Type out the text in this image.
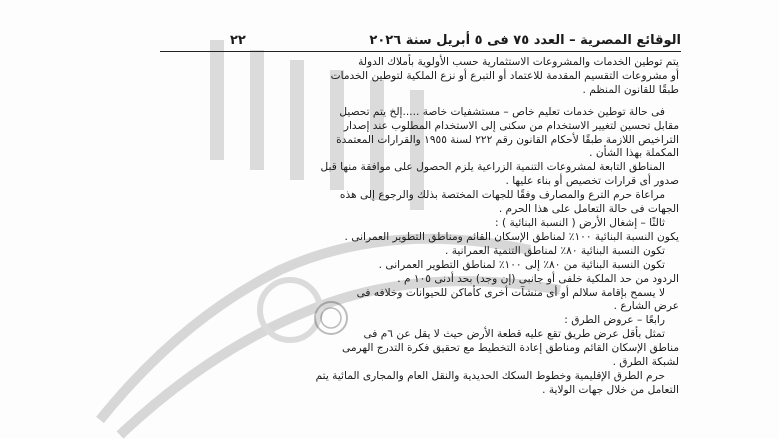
الوقائع المصرية – العدد ٧٥ فى ٥ أبريل سنة ٢٠٢٦
٢٢

يتم توطين الخدمات والمشروعات الاستثمارية حسب الأولوية بأملاك الدولة

أو مشروعات التقسيم المقدمة للاعتماد أو التبرع أو نزع الملكية لتوطين الخدمات

طبقًا للقانون المنظم .

فى حالة توطين خدمات تعليم خاص – مستشفيات خاصة .....إلخ يتم تحصيل

مقابل تحسين لتغيير الاستخدام من سكنى إلى الاستخدام المطلوب عند إصدار

التراخيص اللازمة طبقًا لأحكام القانون رقم ٢٢٢ لسنة ١٩٥٥ والقرارات المعتمدة

المكملة بهذا الشأن .

المناطق التابعة لمشروعات التنمية الزراعية يلزم الحصول على موافقة منها قبل

صدور أى قرارات تخصيص أو بناء عليها .

مراعاة حرم الترع والمصارف وفقًا للجهات المختصة بذلك والرجوع إلى هذه

الجهات فى حالة التعامل على هذا الحرم .

ثالثًا – إشغال الأرض ( النسبة البنائية ) :

يكون النسبة البنائية ١٠٠٪ لمناطق الإسكان القائم ومناطق التطوير العمرانى .

تكون النسبة البنائية ٨٠٪ لمناطق التنمية العمرانية .

تكون النسبة البنائية من ٨٠٪ إلى ١٠٠٪ لمناطق التطوير العمرانى .

الردود من حد الملكية خلفى أو جانبى (إن وجد) بحد أدنى ١٠٥ م .

لا يسمح بإقامة سلالم أو أى منشآت أخرى كأماكن للحيوانات وخلافه فى

عرض الشارع .

رابعًا – عروض الطرق :

تمثل بأقل عرض طريق تقع عليه قطعة الأرض حيث لا يقل عن ٦م فى

مناطق الإسكان القائم ومناطق إعادة التخطيط مع تحقيق فكرة التدرج الهرمى

لشبكة الطرق .

حرم الطرق الإقليمية وخطوط السكك الحديدية والنقل العام والمجارى المائية يتم

التعامل من خلال جهات الولاية .
